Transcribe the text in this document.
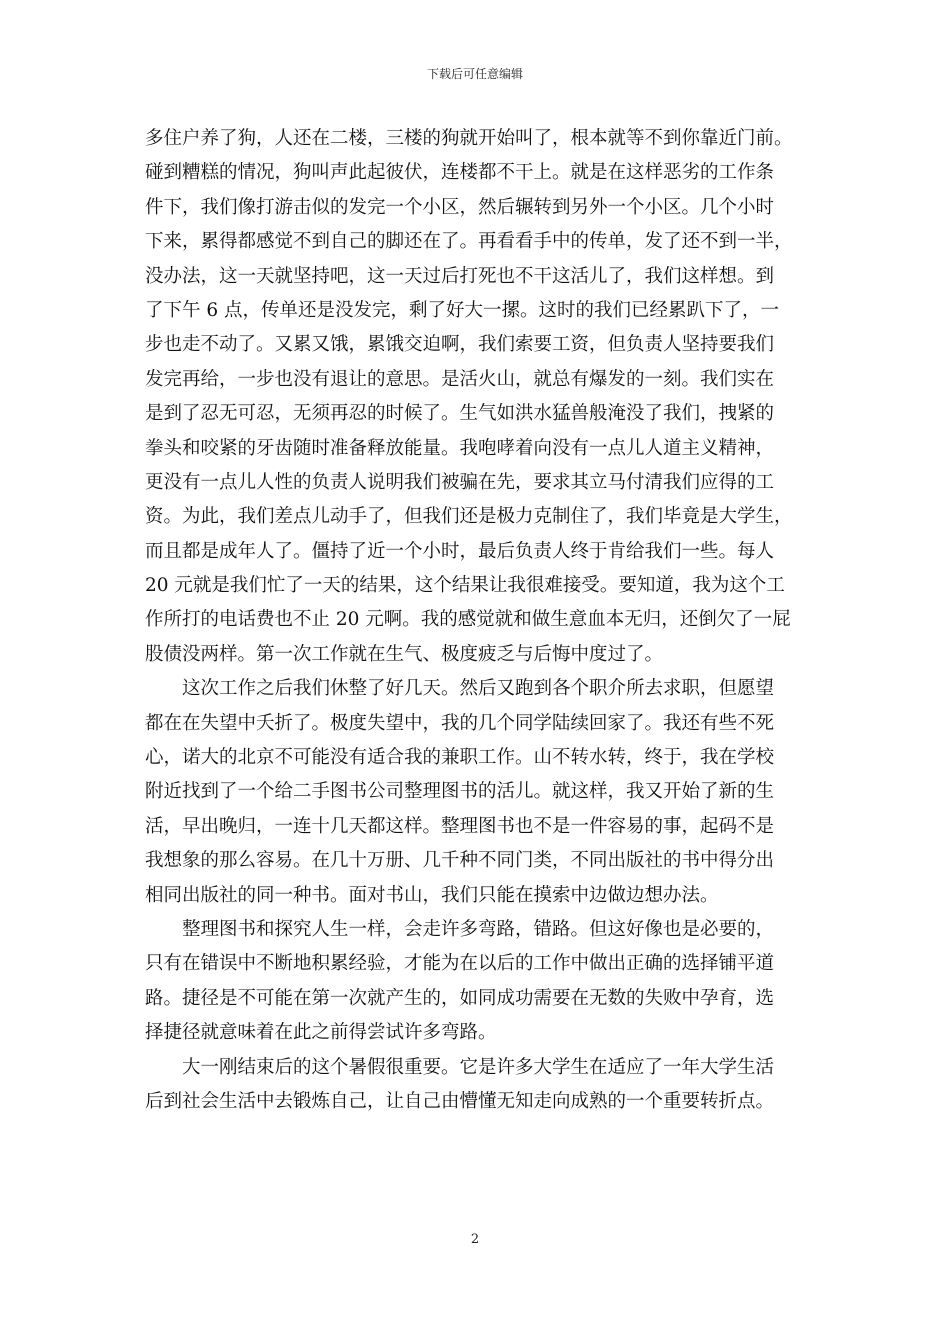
下载后可任意编辑
多住户养了狗，人还在二楼，三楼的狗就开始叫了，根本就等不到你靠近门前。
碰到糟糕的情况，狗叫声此起彼伏，连楼都不干上。就是在这样恶劣的工作条
件下，我们像打游击似的发完一个小区，然后辗转到另外一个小区。几个小时
下来，累得都感觉不到自己的脚还在了。再看看手中的传单，发了还不到一半，
没办法，这一天就坚持吧，这一天过后打死也不干这活儿了，我们这样想。到
了下午 6 点，传单还是没发完，剩了好大一摞。这时的我们已经累趴下了，一
步也走不动了。又累又饿，累饿交迫啊，我们索要工资，但负责人坚持要我们
发完再给，一步也没有退让的意思。是活火山，就总有爆发的一刻。我们实在
是到了忍无可忍，无须再忍的时候了。生气如洪水猛兽般淹没了我们，拽紧的
拳头和咬紧的牙齿随时准备释放能量。我咆哮着向没有一点儿人道主义精神，
更没有一点儿人性的负责人说明我们被骗在先，要求其立马付清我们应得的工
资。为此，我们差点儿动手了，但我们还是极力克制住了，我们毕竟是大学生，
而且都是成年人了。僵持了近一个小时，最后负责人终于肯给我们一些。每人
20 元就是我们忙了一天的结果，这个结果让我很难接受。要知道，我为这个工
作所打的电话费也不止 20 元啊。我的感觉就和做生意血本无归，还倒欠了一屁
股债没两样。第一次工作就在生气、极度疲乏与后悔中度过了。
这次工作之后我们休整了好几天。然后又跑到各个职介所去求职，但愿望
都在在失望中夭折了。极度失望中，我的几个同学陆续回家了。我还有些不死
心，诺大的北京不可能没有适合我的兼职工作。山不转水转，终于，我在学校
附近找到了一个给二手图书公司整理图书的活儿。就这样，我又开始了新的生
活，早出晚归，一连十几天都这样。整理图书也不是一件容易的事，起码不是
我想象的那么容易。在几十万册、几千种不同门类，不同出版社的书中得分出
相同出版社的同一种书。面对书山，我们只能在摸索中边做边想办法。
整理图书和探究人生一样，会走许多弯路，错路。但这好像也是必要的，
只有在错误中不断地积累经验，才能为在以后的工作中做出正确的选择铺平道
路。捷径是不可能在第一次就产生的，如同成功需要在无数的失败中孕育，选
择捷径就意味着在此之前得尝试许多弯路。
大一刚结束后的这个暑假很重要。它是许多大学生在适应了一年大学生活
后到社会生活中去锻炼自己，让自己由懵懂无知走向成熟的一个重要转折点。
2
